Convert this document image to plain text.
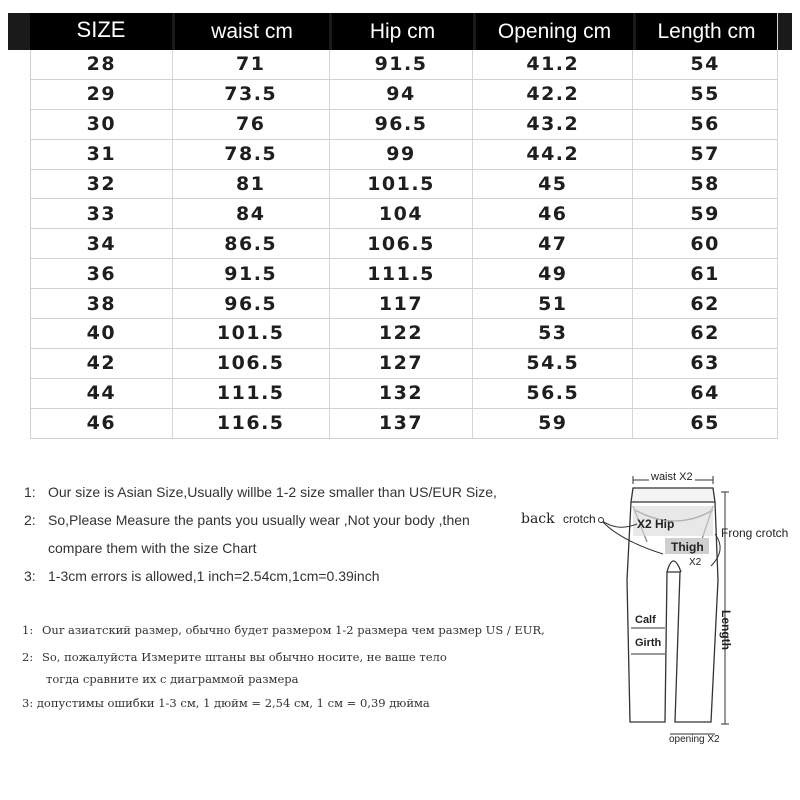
SIZE	waist cm	Hip cm	Opening cm	Length cm
28	71	91.5	41.2	54
29	73.5	94	42.2	55
30	76	96.5	43.2	56
31	78.5	99	44.2	57
32	81	101.5	45	58
33	84	104	46	59
34	86.5	106.5	47	60
36	91.5	111.5	49	61
38	96.5	117	51	62
40	101.5	122	53	62
42	106.5	127	54.5	63
44	111.5	132	56.5	64
46	116.5	137	59	65
1: Our size is Asian Size,Usually willbe 1-2 size smaller than US/EUR Size,
2: So,Please Measure the pants you usually wear ,Not your body ,then
compare them with the size Chart
3: 1-3cm errors is allowed,1 inch=2.54cm,1cm=0.39inch
1: Our азиатский размер, обычно будет размером 1-2 размера чем размер US / EUR,
2: So, пожалуйста Измерите штаны вы обычно носите, не ваше тело
тогда сравните их с диаграммой размера
3: допустимы ошибки 1-3 см, 1 дюйм = 2,54 см, 1 см = 0,39 дюйма
waist X2
back crotch	X2 Hip
Frong crotch
Thigh
X2
Length
Calf
Girth
opening X2
